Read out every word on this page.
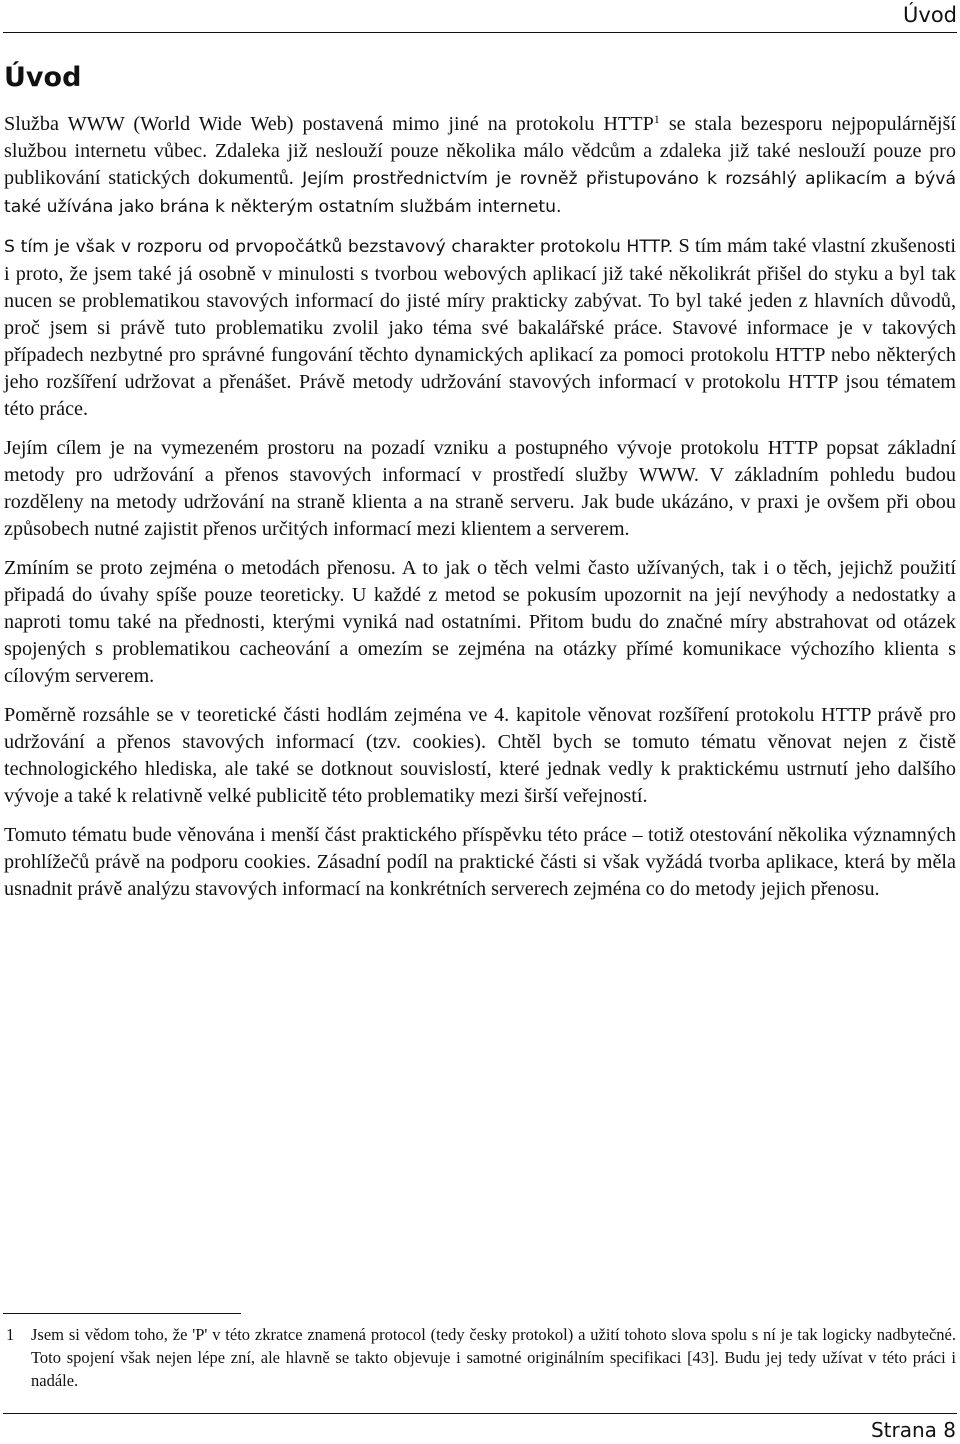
Úvod
Úvod

Služba WWW (World Wide Web) postavená mimo jiné na protokolu HTTP$^1$ se stala bezesporu nejpopulárnější službou internetu vůbec. Zdaleka již neslouží pouze několika málo vědcům a zdaleka již také neslouží pouze pro publikování statických dokumentů. Jejím prostřednictvím je rovněž přistupováno k rozsáhlý aplikacím a bývá také užívána jako brána k některým ostatním službám internetu.

S tím je však v rozporu od prvopočátků bezstavový charakter protokolu HTTP. S tím mám také vlastní zkušenosti i proto, že jsem také já osobně v minulosti s tvorbou webových aplikací již také několikrát přišel do styku a byl tak nucen se problematikou stavových informací do jisté míry prakticky zabývat. To byl také jeden z hlavních důvodů, proč jsem si právě tuto problematiku zvolil jako téma své bakalářské práce. Stavové informace je v takových případech nezbytné pro správné fungování těchto dynamických aplikací za pomoci protokolu HTTP nebo některých jeho rozšíření udržovat a přenášet. Právě metody udržování stavových informací v protokolu HTTP jsou tématem této práce.

Jejím cílem je na vymezeném prostoru na pozadí vzniku a postupného vývoje protokolu HTTP popsat základní metody pro udržování a přenos stavových informací v prostředí služby WWW. V základním pohledu budou rozděleny na metody udržování na straně klienta a na straně serveru. Jak bude ukázáno, v praxi je ovšem při obou způsobech nutné zajistit přenos určitých informací mezi klientem a serverem.

Zmíním se proto zejména o metodách přenosu. A to jak o těch velmi často užívaných, tak i o těch, jejichž použití připadá do úvahy spíše pouze teoreticky. U každé z metod se pokusím upozornit na její nevýhody a nedostatky a naproti tomu také na přednosti, kterými vyniká nad ostatními. Přitom budu do značné míry abstrahovat od otázek spojených s problematikou cacheování a omezím se zejména na otázky přímé komunikace výchozího klienta s cílovým serverem.

Poměrně rozsáhle se v teoretické části hodlám zejména ve 4. kapitole věnovat rozšíření protokolu HTTP právě pro udržování a přenos stavových informací (tzv. cookies). Chtěl bych se tomuto tématu věnovat nejen z čistě technologického hlediska, ale také se dotknout souvislostí, které jednak vedly k praktickému ustrnutí jeho dalšího vývoje a také k relativně velké publicitě této problematiky mezi širší veřejností.

Tomuto tématu bude věnována i menší část praktického příspěvku této práce – totiž otestování několika významných prohlížečů právě na podporu cookies. Zásadní podíl na praktické části si však vyžádá tvorba aplikace, která by měla usnadnit právě analýzu stavových informací na konkrétních serverech zejména co do metody jejich přenosu.

1 Jsem si vědom toho, že 'P' v této zkratce znamená protocol (tedy česky protokol) a užití tohoto slova spolu s ní je tak logicky nadbytečné. Toto spojení však nejen lépe zní, ale hlavně se takto objevuje i samotné originálním specifikaci [43]. Budu jej tedy užívat v této práci i nadále.
Strana 8
